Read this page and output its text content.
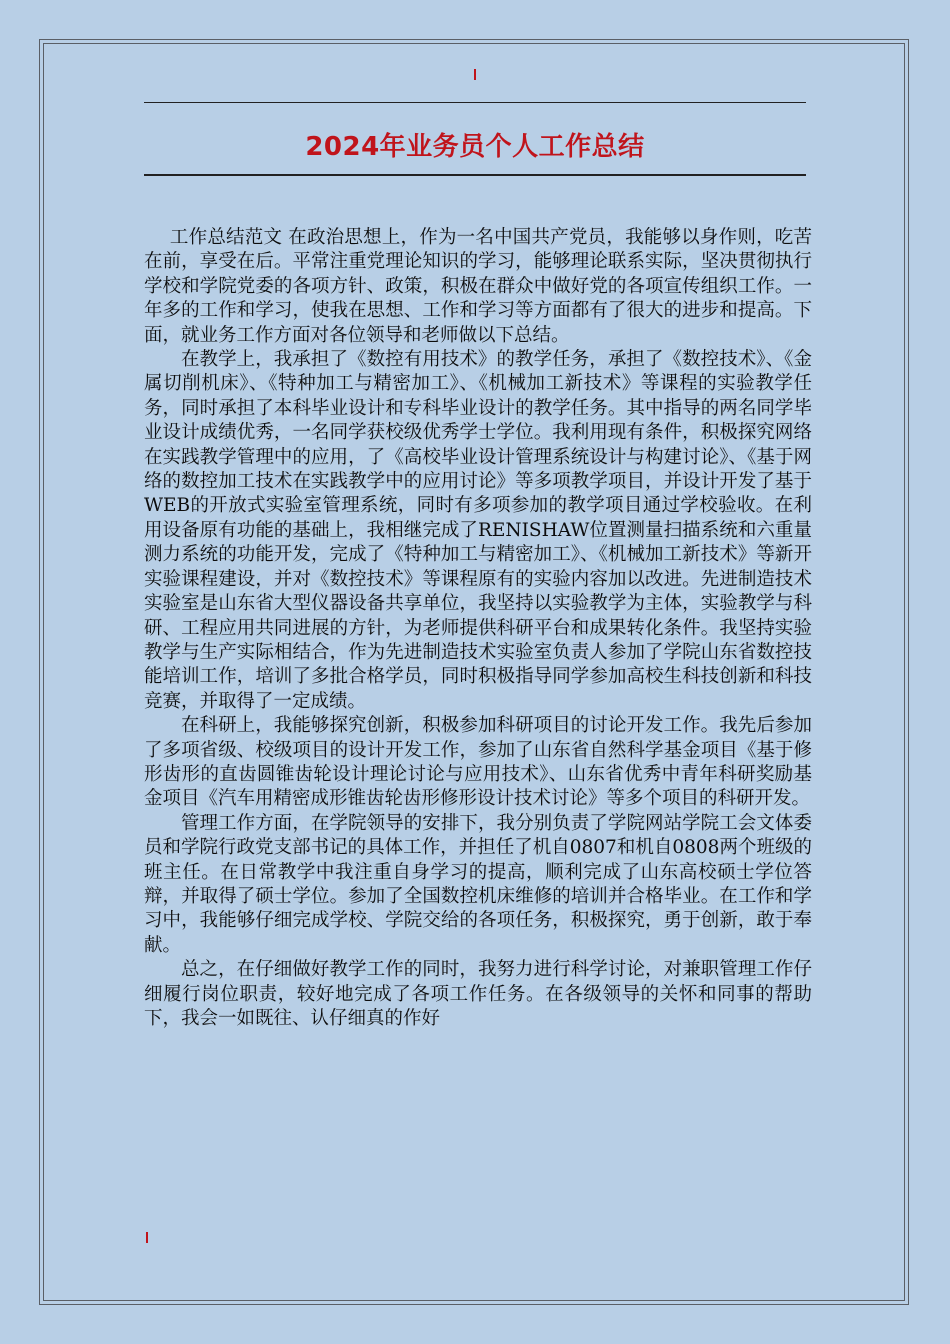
2024年业务员个人工作总结

工作总结范文 在政治思想上，作为一名中国共产党员，我能够以身作则，吃苦在前，享受在后。平常注重党理论知识的学习，能够理论联系实际，坚决贯彻执行学校和学院党委的各项方针、政策，积极在群众中做好党的各项宣传组织工作。一年多的工作和学习，使我在思想、工作和学习等方面都有了很大的进步和提高。下面，就业务工作方面对各位领导和老师做以下总结。

在教学上，我承担了《数控有用技术》的教学任务，承担了《数控技术》、《金属切削机床》、《特种加工与精密加工》、《机械加工新技术》等课程的实验教学任务，同时承担了本科毕业设计和专科毕业设计的教学任务。其中指导的两名同学毕业设计成绩优秀，一名同学获校级优秀学士学位。我利用现有条件，积极探究网络在实践教学管理中的应用，了《高校毕业设计管理系统设计与构建讨论》、《基于网络的数控加工技术在实践教学中的应用讨论》等多项教学项目，并设计开发了基于WEB的开放式实验室管理系统，同时有多项参加的教学项目通过学校验收。在利用设备原有功能的基础上，我相继完成了RENISHAW位置测量扫描系统和六重量测力系统的功能开发，完成了《特种加工与精密加工》、《机械加工新技术》等新开实验课程建设，并对《数控技术》等课程原有的实验内容加以改进。先进制造技术实验室是山东省大型仪器设备共享单位，我坚持以实验教学为主体，实验教学与科研、工程应用共同进展的方针，为老师提供科研平台和成果转化条件。我坚持实验教学与生产实际相结合，作为先进制造技术实验室负责人参加了学院山东省数控技能培训工作，培训了多批合格学员，同时积极指导同学参加高校生科技创新和科技竞赛，并取得了一定成绩。

在科研上，我能够探究创新，积极参加科研项目的讨论开发工作。我先后参加了多项省级、校级项目的设计开发工作，参加了山东省自然科学基金项目《基于修形齿形的直齿圆锥齿轮设计理论讨论与应用技术》、山东省优秀中青年科研奖励基金项目《汽车用精密成形锥齿轮齿形修形设计技术讨论》等多个项目的科研开发。

管理工作方面，在学院领导的安排下，我分别负责了学院网站学院工会文体委员和学院行政党支部书记的具体工作，并担任了机自0807和机自0808两个班级的班主任。在日常教学中我注重自身学习的提高，顺利完成了山东高校硕士学位答辩，并取得了硕士学位。参加了全国数控机床维修的培训并合格毕业。在工作和学习中，我能够仔细完成学校、学院交给的各项任务，积极探究，勇于创新，敢于奉献。

总之，在仔细做好教学工作的同时，我努力进行科学讨论，对兼职管理工作仔细履行岗位职责，较好地完成了各项工作任务。在各级领导的关怀和同事的帮助下，我会一如既往、认仔细真的作好
